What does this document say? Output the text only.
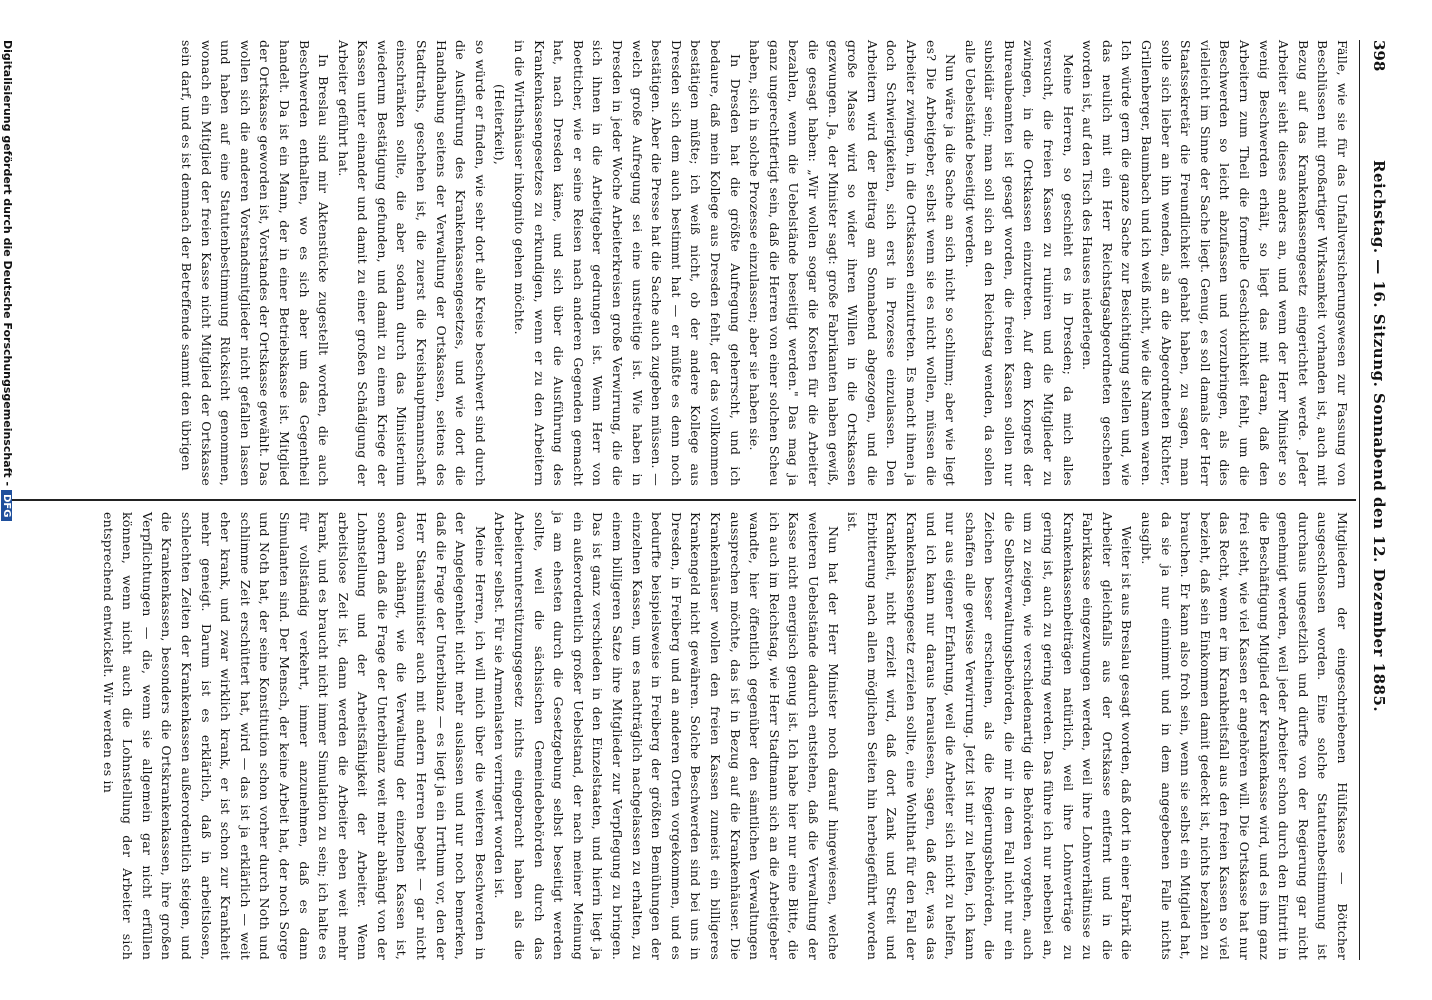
398
Reichstag. — 16. Sitzung. Sonnabend den 12. Dezember 1885.

Fälle, wie sie für das Unfallversicherungswesen zur Fassung von Beschlüssen mit großartiger Wirksamkeit vorhanden ist, auch mit Bezug auf das Krankenkassengesetz eingerichtet werde. Jeder Arbeiter sieht dieses anders an, und wenn der Herr Minister so wenig Beschwerden erhält, so liegt das mit daran, daß den Arbeitern zum Theil die formelle Geschicklichkeit fehlt, um die Beschwerden so leicht abzufassen und vorzubringen, als dies vielleicht im Sinne der Sache liegt. Genug, es soll damals der Herr Staatssekretär die Freundlichkeit gehabt haben, zu sagen, man solle sich lieber an ihn wenden, als an die Abgeordneten Richter, Grillenberger, Baumbach und ich weiß nicht, wie die Namen waren. Ich würde gern die ganze Sache zur Besichtigung stellen und, wie das neulich mit ein Herr Reichstagsabgeordneten geschehen worden ist, auf den Tisch des Hauses niederlegen.

Meine Herren, so geschieht es in Dresden; da mich alles versucht, die freien Kassen zu ruiniren und die Mitglieder zu zwingen, in die Ortskassen einzutreten. Auf dem Kongreß der Bureaubeamten ist gesagt worden, die freien Kassen sollen nur subsidiär sein; man soll sich an den Reichstag wenden, da sollen alle Uebelstände beseitigt werden.

Nun wäre ja die Sache an sich nicht so schlimm; aber wie liegt es? Die Arbeitgeber, selbst wenn sie es nicht wollen, müssen die Arbeiter zwingen, in die Ortskassen einzutreten. Es macht ihnen ja doch Schwierigkeiten, sich erst in Prozesse einzulassen. Den Arbeitern wird der Beitrag am Sonnabend abgezogen, und die große Masse wird so wider ihren Willen in die Ortskassen gezwungen. Ja, der Minister sagt: große Fabrikanten haben gewiß, die gesagt haben: „Wir wollen sogar die Kosten für die Arbeiter bezahlen, wenn die Uebelstände beseitigt werden." Das mag ja ganz ungerechtfertigt sein, daß die Herren von einer solchen Scheu haben, sich in solche Prozesse einzulassen; aber sie haben sie.

In Dresden hat die größte Aufregung geherrscht, und ich bedaure, daß mein Kollege aus Dresden fehlt, der das vollkommen bestätigen müßte; ich weiß nicht, ob der andere Kollege aus Dresden sich dem auch bestimmt hat — er müßte es denn noch bestätigen. Aber die Presse hat die Sache auch zugeben müssen. — welch große Aufregung sei eine unstreitige ist. Wie haben in Dresden in jeder Woche Arbeiterkreisen große Verwirrung, die die sich ihnen in die Arbeitgeber gedrungen ist. Wenn Herr von Boetticher, wie er seine Reisen nach anderen Gegenden gemacht hat, nach Dresden käme, und sich über die Ausführung des Krankenkassengesetzes zu erkundigen, wenn er zu den Arbeitern in die Wirthshäuser inkognito gehen möchte.

(Heiterkeit),

so würde er finden, wie sehr dort alle Kreise beschwert sind durch die Ausführung des Krankenkassengesetzes, und wie dort die Handhabung seitens der Verwaltung der Ortskassen, seitens des Stadtraths, geschehen ist, die zuerst die Kreishauptmannschaft einschränken sollte, die aber sodann durch das Ministerium wiederum Bestätigung gefunden, und damit zu einem Kriege der Kassen unter einander und damit zu einer großen Schädigung der Arbeiter geführt hat.

In Breslau sind mir Aktenstücke zugestellt worden, die auch Beschwerden enthalten, wo es sich aber um das Gegentheil handelt. Da ist ein Mann, der in einer Betriebskasse ist. Mitglied der Ortskasse geworden ist, Vorstandes der Ortskasse gewählt. Das wollen sich die anderen Vorstandsmitglieder nicht gefallen lassen und haben auf eine Statutenbestimmung Rücksicht genommen, wonach ein Mitglied der freien Kasse nicht Mitglied der Ortskasse sein darf, und es ist demnach der Betreffende sammt den übrigen

Mitgliedern der eingeschriebenen Hülfskasse — Böttcher ausgeschlossen worden. Eine solche Statutenbestimmung ist durchaus ungesetzlich und dürfte von der Regierung gar nicht genehmigt werden, weil jeder Arbeiter schon durch den Eintritt in die Beschäftigung Mitglied der Krankenkasse wird, und es ihm ganz frei steht, wie viel Kassen er angehören will. Die Ortskasse hat nur das Recht, wenn er im Krankheitsfall aus den freien Kassen so viel bezieht, daß sein Einkommen damit gedeckt ist, nichts bezahlen zu brauchen. Er kann also froh sein, wenn sie selbst ein Mitglied hat, da sie ja nur einnimmt und in dem angegebenen Falle nichts ausgibt.

Weiter ist aus Breslau gesagt worden, daß dort in einer Fabrik die Arbeiter gleichfalls aus der Ortskasse entfernt und in die Fabrikkasse eingezwungen werden, weil ihre Lohnverhältnisse zu Krankenkassenbeiträgen natürlich, weil ihre Lohnverträge zu gering ist, auch zu gering werden. Das führe ich nur nebenbei an, um zu zeigen, wie verschiedenartig die Behörden vorgehen, auch die Selbstverwaltungsbehörden, die mir in dem Fall nicht nur ein Zeichen besser erscheinen, als die Regierungsbehörden, die schaffen alle gewisse Verwirrung. Jetzt ist mir zu helfen, ich kann nur aus eigener Erfahrung, weil die Arbeiter sich nicht zu helfen, und ich kann nur daraus herauslesen, sagen, daß der, was das Krankenkassengesetz erzielen sollte, eine Wohlthat für den Fall der Krankheit, nicht erzielt wird, daß dort Zank und Streit und Erbitterung nach allen möglichen Seiten hin herbeigeführt worden ist.

Nun hat der Herr Minister noch darauf hingewiesen, welche weiteren Uebelstände dadurch entstehen, daß die Verwaltung der Kasse nicht energisch genug ist. Ich habe hier nur eine Bitte, die ich auch im Reichstag, wie Herr Stadtmann sich an die Arbeitgeber wandte, hier öffentlich gegenüber den sämtlichen Verwaltungen aussprechen möchte, das ist in Bezug auf die Krankenhäuser. Die Krankenhäuser wollen den freien Kassen zumeist ein billigeres Krankengeld nicht gewähren. Solche Beschwerden sind bei uns in Dresden, in Freiberg und an anderen Orten vorgekommen, und es bedurfte beispielsweise in Freiberg der größten Bemühungen der einzelnen Kassen, um es nachträglich nachgelassen zu erhalten, zu einem billigeren Satze ihre Mitglieder zur Verpflegung zu bringen. Das ist ganz verschieden in den Einzelstaaten, und hierin liegt ja ein außerordentlich großer Uebelstand, der nach meiner Meinung ja am ehesten durch die Gesetzgebung selbst beseitigt werden sollte, weil die sächsischen Gemeindebehörden durch das Arbeiterunterstützungsgesetz nichts eingebracht haben als die Arbeiter selbst. Für sie Armenlasten verringert worden ist.

Meine Herren, ich will mich über die weiteren Beschwerden in der Angelegenheit nicht mehr auslassen und nur noch bemerken, daß die Frage der Unterbilanz — es liegt ja ein Irrthum vor, den der Herr Staatsminister auch mit andern Herren begeht — gar nicht davon abhängt, wie die Verwaltung der einzelnen Kassen ist, sondern daß die Frage der Unterbilanz weit mehr abhängt von der Lohnstellung und der Arbeitsfähigkeit der Arbeiter. Wenn arbeitslose Zeit ist, dann werden die Arbeiter eben weit mehr krank, und es braucht nicht immer Simulation zu sein; ich halte es für vollständig verkehrt, immer anzunehmen, daß es dann Simulanten sind. Der Mensch, der keine Arbeit hat, der noch Sorge und Noth hat, der seine Konstitution schon vorher durch Noth und schlimme Zeit erschüttert hat, wird — das ist ja erklärlich — weit eher krank, und zwar wirklich krank, er ist schon zur Krankheit mehr geneigt. Darum ist es erklärlich, daß in arbeitslosen, schlechten Zeiten der Krankenkassen außerordentlich steigen, und die Krankenkassen, besonders die Ortskrankenkassen, ihre großen Verpflichtungen — die, wenn sie allgemein gar nicht erfüllen können, wenn nicht auch die Lohnstellung der Arbeiter sich entsprechend entwickelt. Wir werden es in

Digitalisierung gefördert durch die Deutsche Forschungsgemeinschaft -DFG
